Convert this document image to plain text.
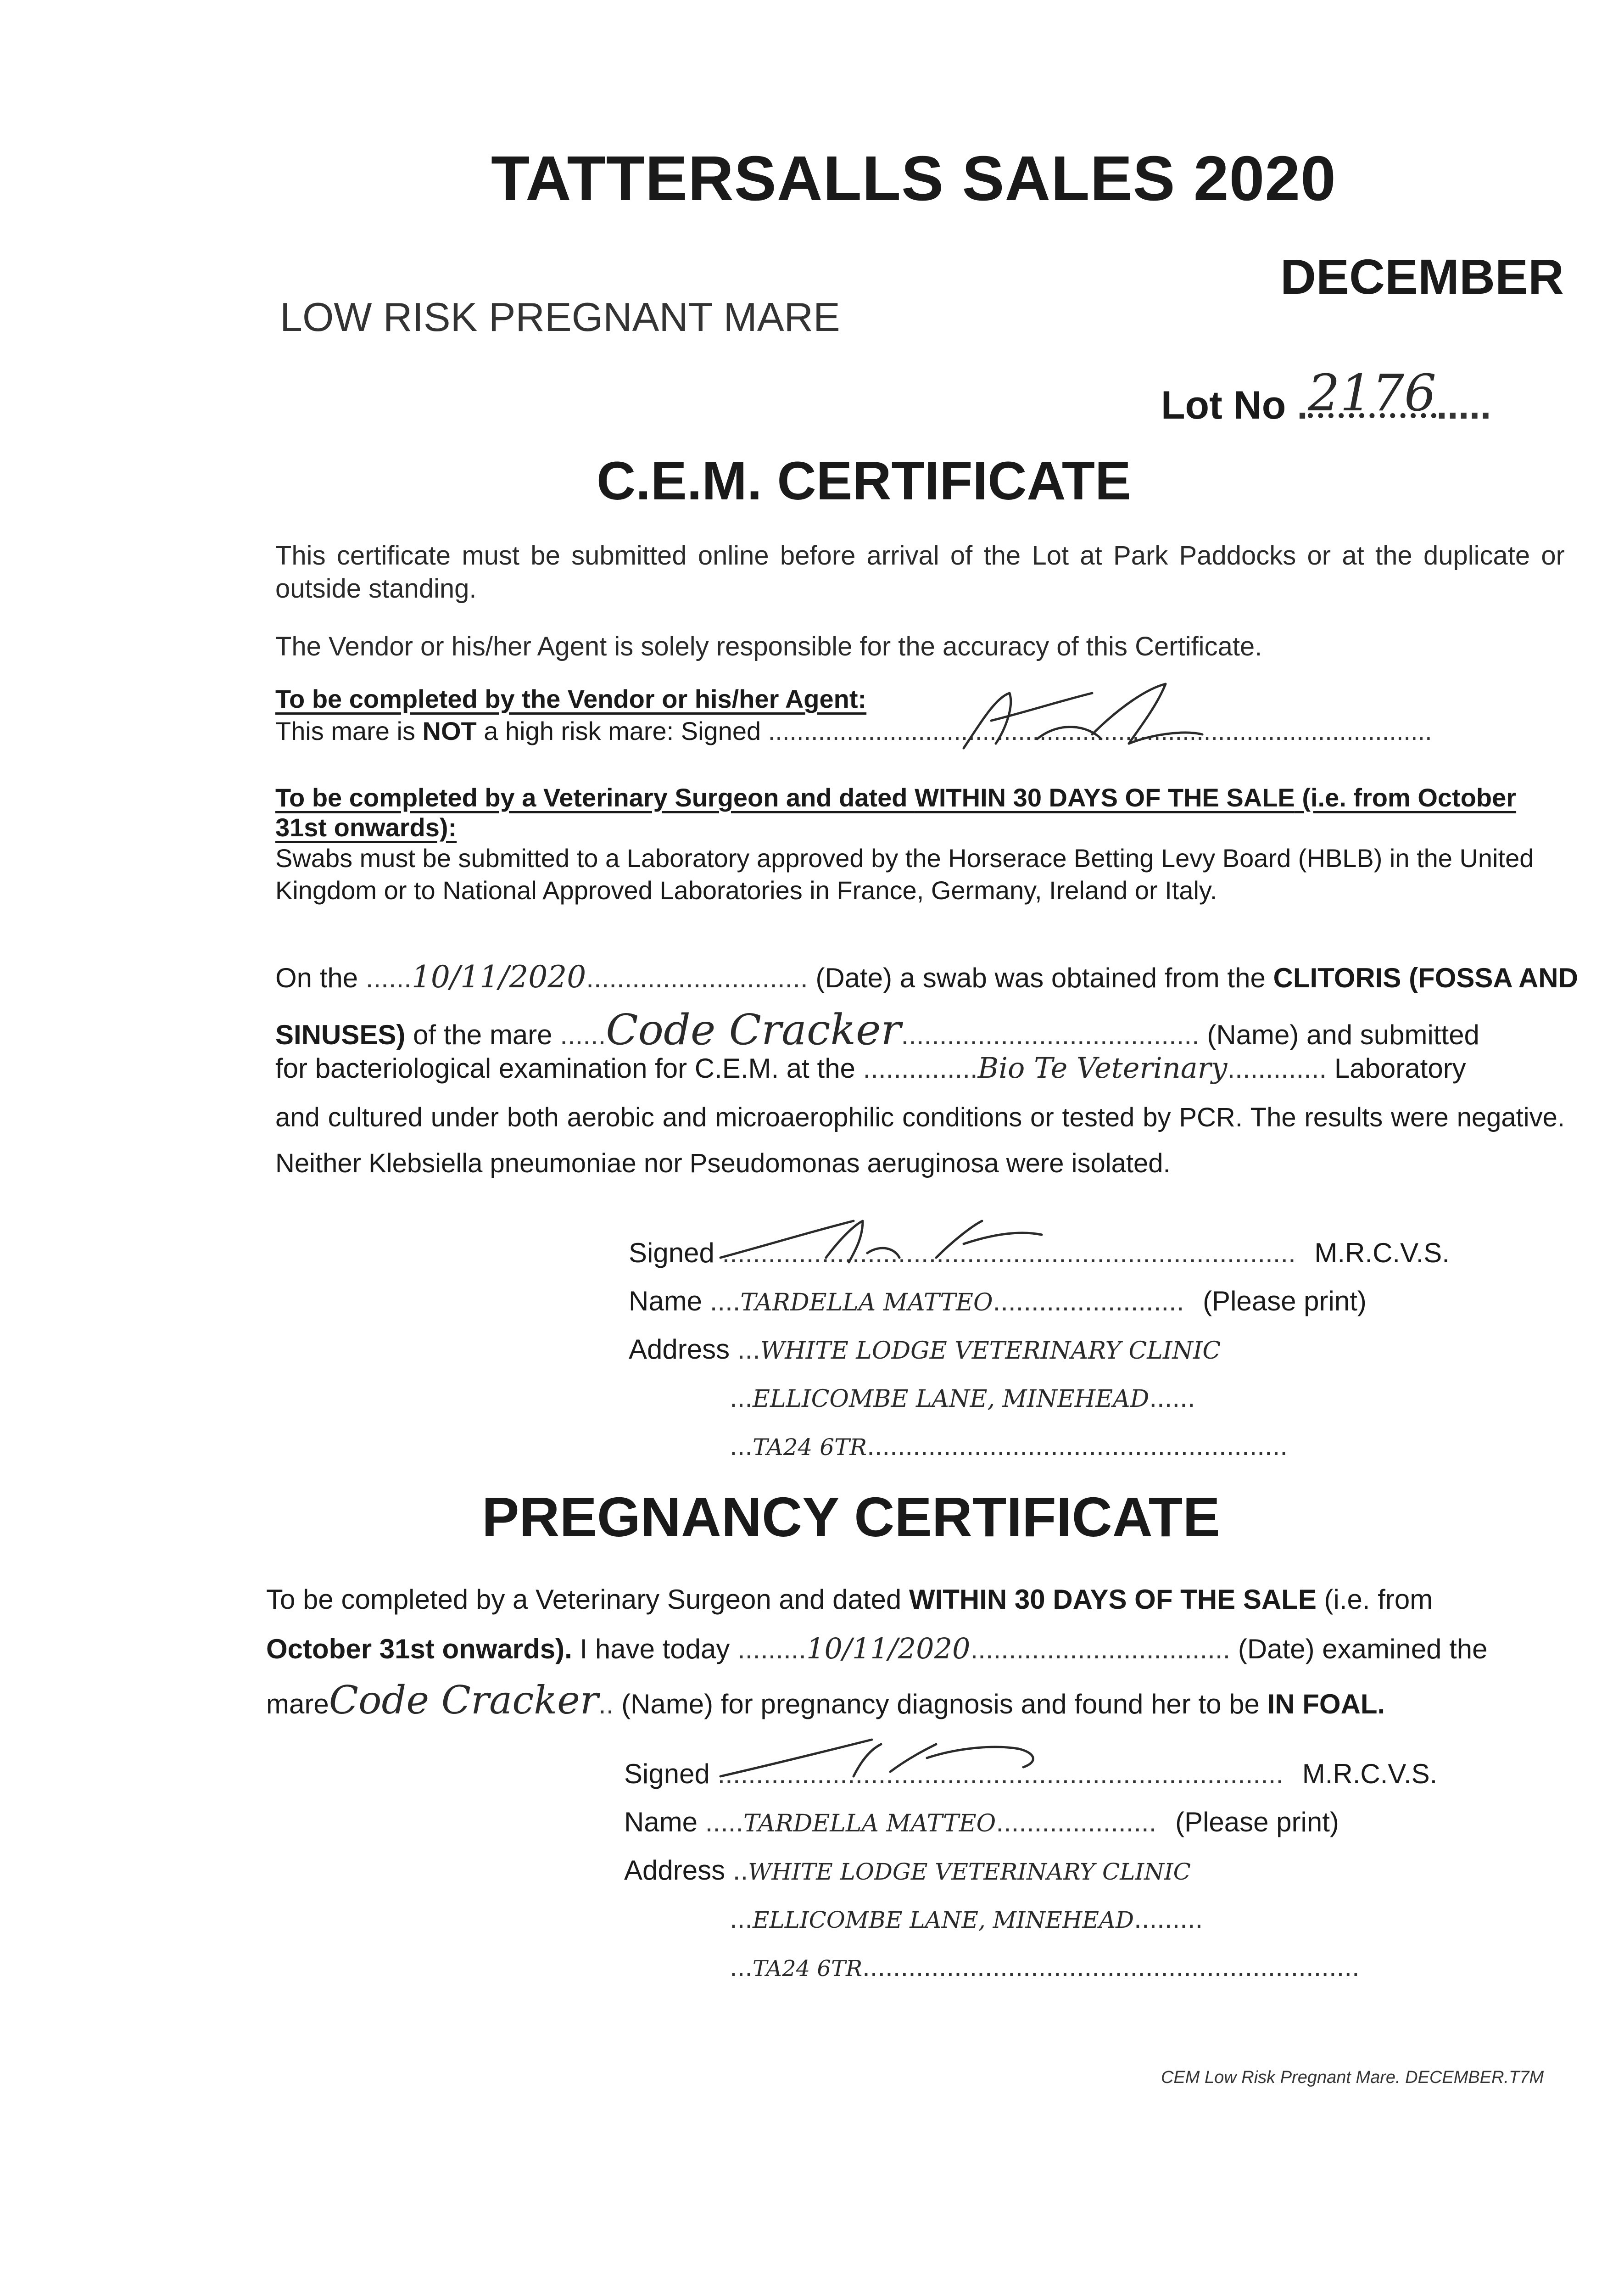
TATTERSALLS SALES 2020
DECEMBER
LOW RISK PREGNANT MARE
Lot No .2176.....
C.E.M. CERTIFICATE
This certificate must be submitted online before arrival of the Lot at Park Paddocks or at the duplicate or outside standing.
The Vendor or his/her Agent is solely responsible for the accuracy of this Certificate.
To be completed by the Vendor or his/her Agent:
This mare is NOT a high risk mare: Signed .............................................................................................
To be completed by a Veterinary Surgeon and dated WITHIN 30 DAYS OF THE SALE (i.e. from October 31st onwards):
Swabs must be submitted to a Laboratory approved by the Horserace Betting Levy Board (HBLB) in the United Kingdom or to National Approved Laboratories in France, Germany, Ireland or Italy.
On the ......10/11/2020............................. (Date) a swab was obtained from the CLITORIS (FOSSA AND
SINUSES) of the mare ......Code Cracker....................................... (Name) and submitted
for bacteriological examination for C.E.M. at the ...............Bio Te Veterinary............. Laboratory
and cultured under both aerobic and microaerophilic conditions or tested by PCR. The results were negative. Neither Klebsiella pneumoniae nor Pseudomonas aeruginosa were isolated.
Signed ........................................................................... M.R.C.V.S.
Name ....TARDELLA MATTEO......................... (Please print)
Address ...WHITE LODGE VETERINARY CLINIC
...ELLICOMBE LANE, MINEHEAD......
...TA24 6TR.......................................................
PREGNANCY CERTIFICATE
To be completed by a Veterinary Surgeon and dated WITHIN 30 DAYS OF THE SALE (i.e. from
October 31st onwards). I have today .........10/11/2020.................................. (Date) examined the
mareCode Cracker.. (Name) for pregnancy diagnosis and found her to be IN FOAL.
Signed .......................................................................... M.R.C.V.S.
Name .....TARDELLA MATTEO..................... (Please print)
Address ..WHITE LODGE VETERINARY CLINIC
...ELLICOMBE LANE, MINEHEAD.........
...TA24 6TR.................................................................
CEM Low Risk Pregnant Mare. DECEMBER.T7M
